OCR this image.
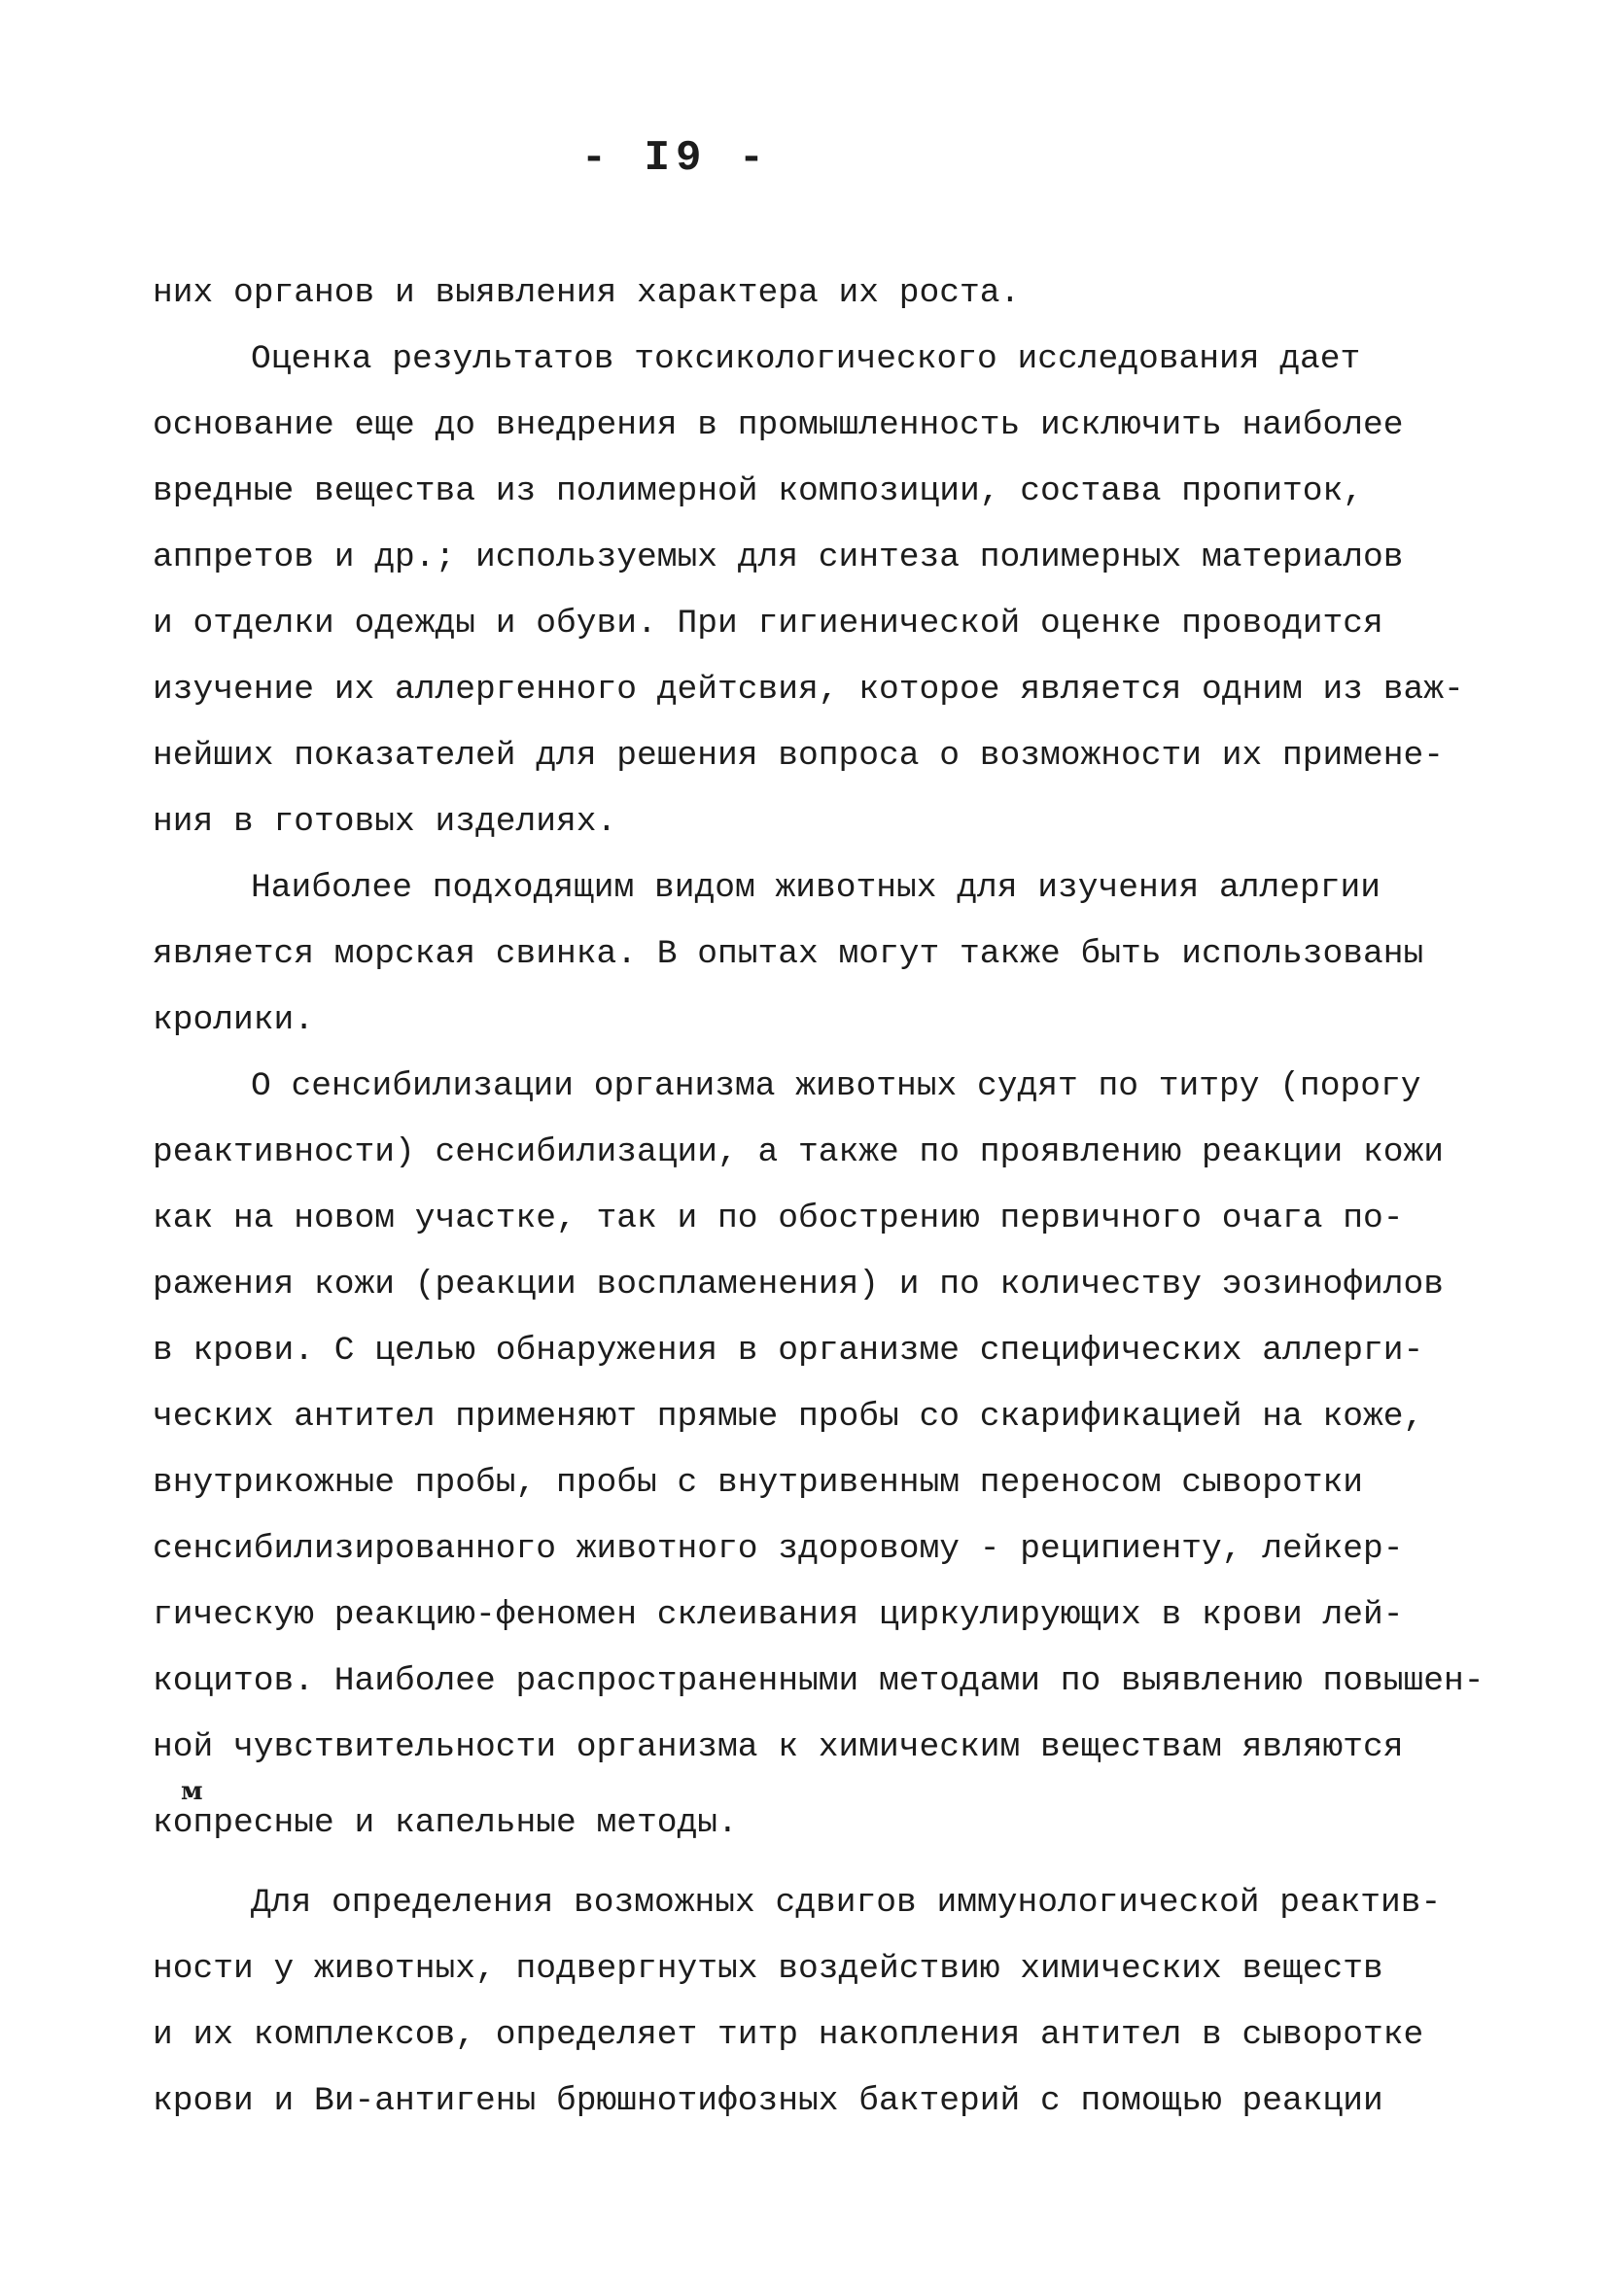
- I9 -
них органов и выявления характера их роста.
Оценка результатов токсикологического исследования дает
основание еще до внедрения в промышленность исключить наиболее
вредные вещества из полимерной композиции, состава пропиток,
аппретов и др.; используемых для синтеза полимерных материалов
и отделки одежды и обуви. При гигиенической оценке проводится
изучение их аллергенного дейтсвия, которое является одним из важ-
нейших показателей для решения вопроса о возможности их примене-
ния в готовых изделиях.
Наиболее подходящим видом животных для изучения аллергии
является морская свинка. В опытах могут также быть использованы
кролики.
О сенсибилизации организма животных судят по титру (порогу
реактивности) сенсибилизации, а также по проявлению реакции кожи
как на новом участке, так и по обострению первичного очага по-
ражения кожи (реакции воспламенения) и по количеству эозинофилов
в крови. С целью обнаружения в организме специфических аллерги-
ческих антител применяют прямые пробы со скарификацией на коже,
внутрикожные пробы, пробы с внутривенным переносом сыворотки
сенсибилизированного животного здоровому - реципиенту, лейкер-
гическую реакцию-феномен склеивания циркулирующих в крови лей-
коцитов. Наиболее распространенными методами по выявлению повышен-
ной чувствительности организма к химическим веществам являются
м
копресные и капельные методы.
Для определения возможных сдвигов иммунологической реактив-
ности у животных, подвергнутых воздействию химических веществ
и их комплексов, определяет титр накопления антител в сыворотке
крови и Ви-антигены брюшнотифозных бактерий с помощью реакции
